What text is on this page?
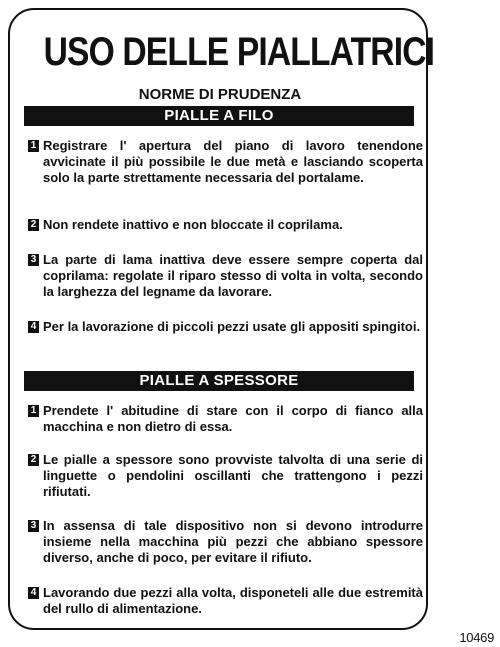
USO DELLE PIALLATRICI
NORME DI PRUDENZA
PIALLE A FILO
1 Registrare l' apertura del piano di lavoro tenendone avvicinate il più possibile le due metà e lasciando scoperta solo la parte strettamente necessaria del portalame.
2 Non rendete inattivo e non bloccate il coprilama.
3 La parte di lama inattiva deve essere sempre coperta dal coprilama: regolate il riparo stesso di volta in volta, secondo la larghezza del legname da lavorare.
4 Per la lavorazione di piccoli pezzi usate gli appositi spingitoi.
PIALLE A SPESSORE
1 Prendete l' abitudine di stare con il corpo di fianco alla macchina e non dietro di essa.
2 Le pialle a spessore sono provviste talvolta di una serie di linguette o pendolini oscillanti che trattengono i pezzi rifiutati.
3 In assensa di tale dispositivo non si devono introdurre insieme nella macchina più pezzi che abbiano spessore diverso, anche di poco, per evitare il rifiuto.
4 Lavorando due pezzi alla volta, disponeteli alle due estremità del rullo di alimentazione.
10469
